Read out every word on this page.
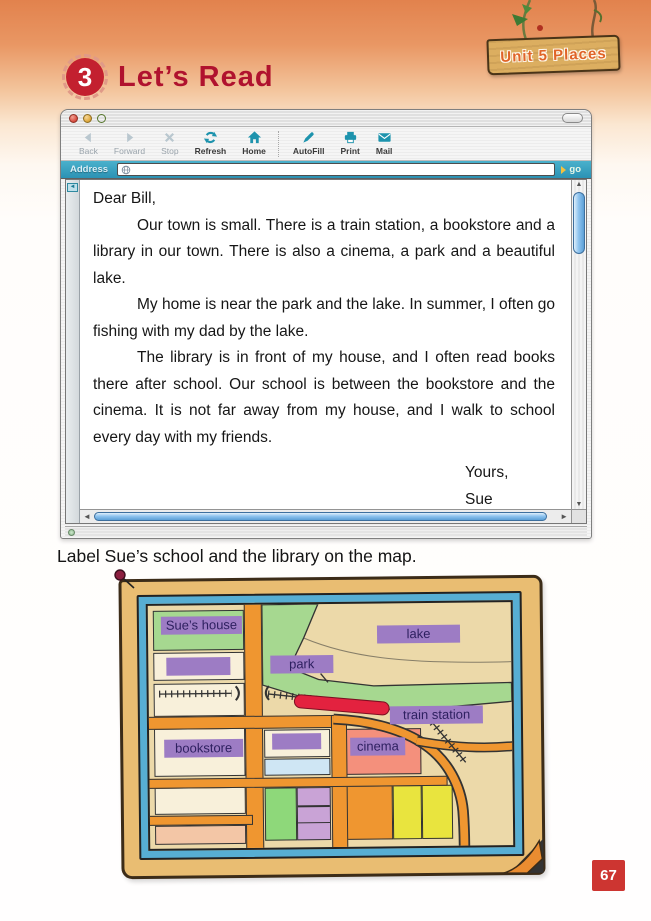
Unit 5 Places
3 Let’s Read
Back Forward Stop Refresh Home	AutoFill Print Mail
Address	go
◄

Dear Bill,

Our town is small. There is a train station, a bookstore and a library in our town. There is also a cinema, a park and a beautiful lake.

My home is near the park and the lake. In summer, I often go fishing with my dad by the lake.

The library is in front of my house, and I often read books there after school. Our school is between the bookstore and the cinema. It is not far away from my house, and I walk to school every day with my friends.

Yours,
Sue
▲
▼
◄	►
Label Sue’s school and the library on the map.
Sue’s house
lake
park
train station
bookstore	cinema
67
